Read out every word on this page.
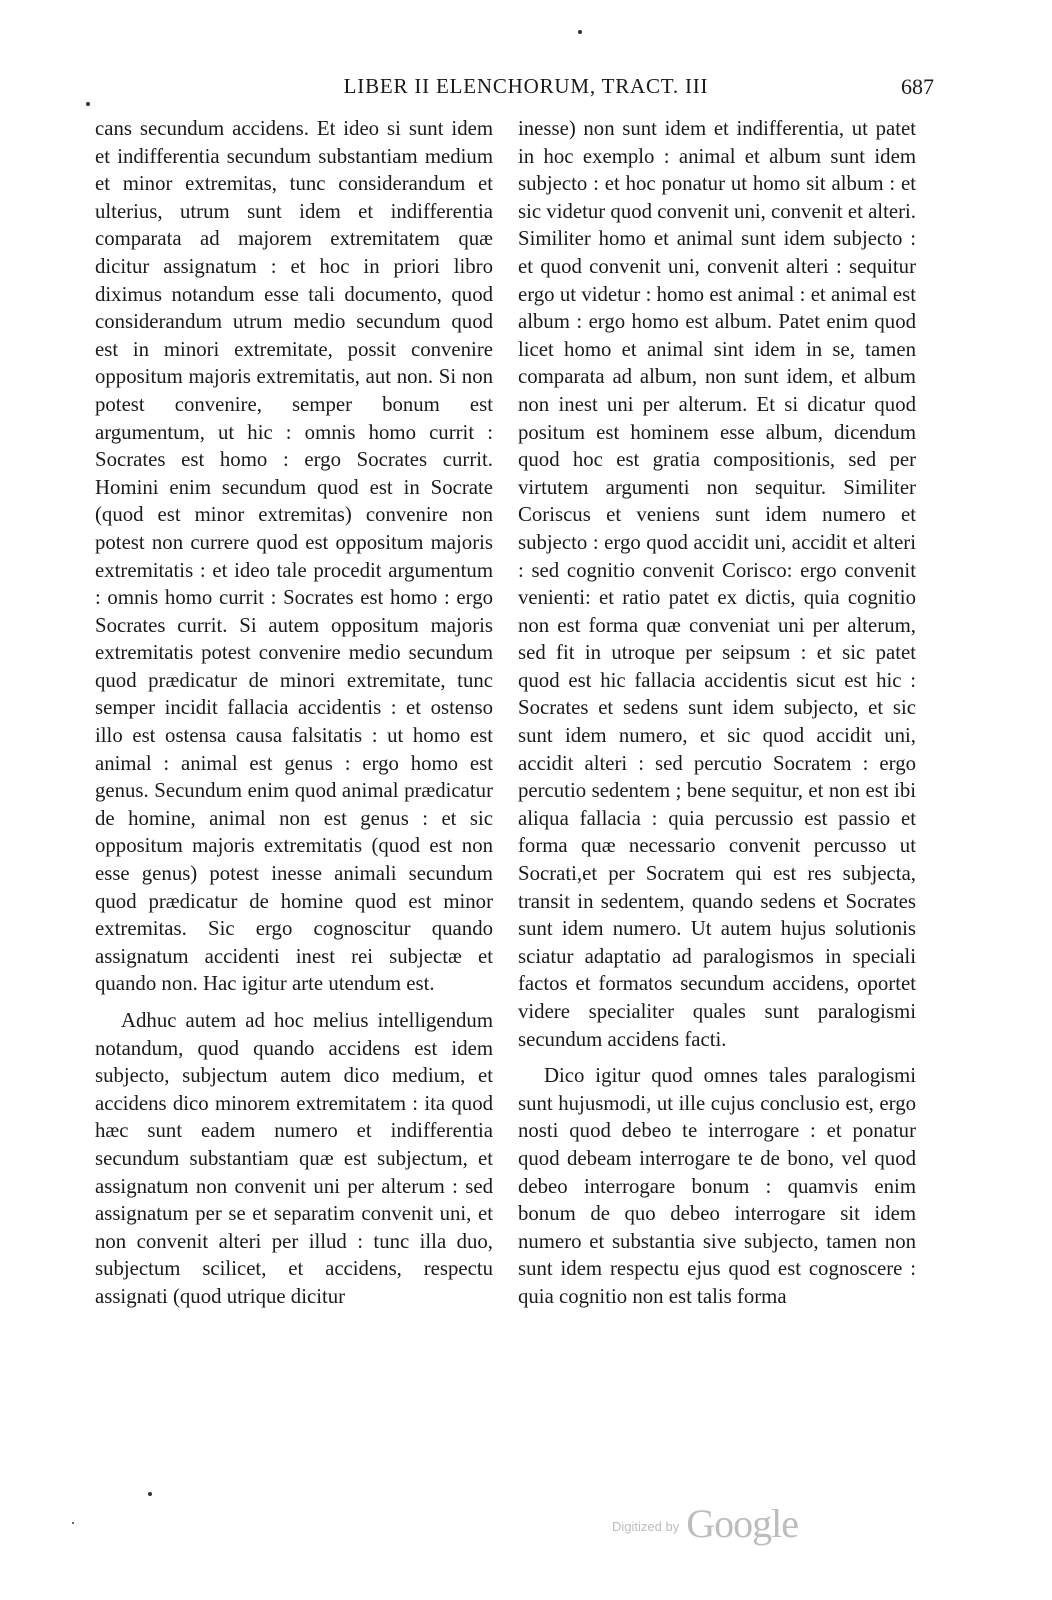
LIBER II ELENCHORUM, TRACT. III	687

cans secundum accidens. Et ideo si sunt idem et indifferentia secundum substantiam medium et minor extremitas, tunc considerandum et ulterius, utrum sunt idem et indifferentia comparata ad majorem extremitatem quæ dicitur assignatum : et hoc in priori libro diximus notandum esse tali documento, quod considerandum utrum medio secundum quod est in minori extremitate, possit convenire oppositum majoris extremitatis, aut non. Si non potest convenire, semper bonum est argumentum, ut hic : omnis homo currit : Socrates est homo : ergo Socrates currit. Homini enim secundum quod est in Socrate (quod est minor extremitas) convenire non potest non currere quod est oppositum majoris extremitatis : et ideo tale procedit argumentum : omnis homo currit : Socrates est homo : ergo Socrates currit. Si autem oppositum majoris extremitatis potest convenire medio secundum quod prædicatur de minori extremitate, tunc semper incidit fallacia accidentis : et ostenso illo est ostensa causa falsitatis : ut homo est animal : animal est genus : ergo homo est genus. Secundum enim quod animal prædicatur de homine, animal non est genus : et sic oppositum majoris extremitatis (quod est non esse genus) potest inesse animali secundum quod prædicatur de homine quod est minor extremitas. Sic ergo cognoscitur quando assignatum accidenti inest rei subjectæ et quando non. Hac igitur arte utendum est.

Adhuc autem ad hoc melius intelligendum notandum, quod quando accidens est idem subjecto, subjectum autem dico medium, et accidens dico minorem extremitatem : ita quod hæc sunt eadem numero et indifferentia secundum substantiam quæ est subjectum, et assignatum non convenit uni per alterum : sed assignatum per se et separatim convenit uni, et non convenit alteri per illud : tunc illa duo, subjectum scilicet, et accidens, respectu assignati (quod utrique dicitur

inesse) non sunt idem et indifferentia, ut patet in hoc exemplo : animal et album sunt idem subjecto : et hoc ponatur ut homo sit album : et sic videtur quod convenit uni, convenit et alteri. Similiter homo et animal sunt idem subjecto : et quod convenit uni, convenit alteri : sequitur ergo ut videtur : homo est animal : et animal est album : ergo homo est album. Patet enim quod licet homo et animal sint idem in se, tamen comparata ad album, non sunt idem, et album non inest uni per alterum. Et si dicatur quod positum est hominem esse album, dicendum quod hoc est gratia compositionis, sed per virtutem argumenti non sequitur. Similiter Coriscus et veniens sunt idem numero et subjecto : ergo quod accidit uni, accidit et alteri : sed cognitio convenit Corisco: ergo convenit venienti: et ratio patet ex dictis, quia cognitio non est forma quæ conveniat uni per alterum, sed fit in utroque per seipsum : et sic patet quod est hic fallacia accidentis sicut est hic : Socrates et sedens sunt idem subjecto, et sic sunt idem numero, et sic quod accidit uni, accidit alteri : sed percutio Socratem : ergo percutio sedentem ; bene sequitur, et non est ibi aliqua fallacia : quia percussio est passio et forma quæ necessario convenit percusso ut Socrati,et per Socratem qui est res subjecta, transit in sedentem, quando sedens et Socrates sunt idem numero. Ut autem hujus solutionis sciatur adaptatio ad paralogismos in speciali factos et formatos secundum accidens, oportet videre specialiter quales sunt paralogismi secundum accidens facti.

Dico igitur quod omnes tales paralogismi sunt hujusmodi, ut ille cujus conclusio est, ergo nosti quod debeo te interrogare : et ponatur quod debeam interrogare te de bono, vel quod debeo interrogare bonum : quamvis enim bonum de quo debeo interrogare sit idem numero et substantia sive subjecto, tamen non sunt idem respectu ejus quod est cognoscere : quia cognitio non est talis forma

$^{Digitized by}$ Google
